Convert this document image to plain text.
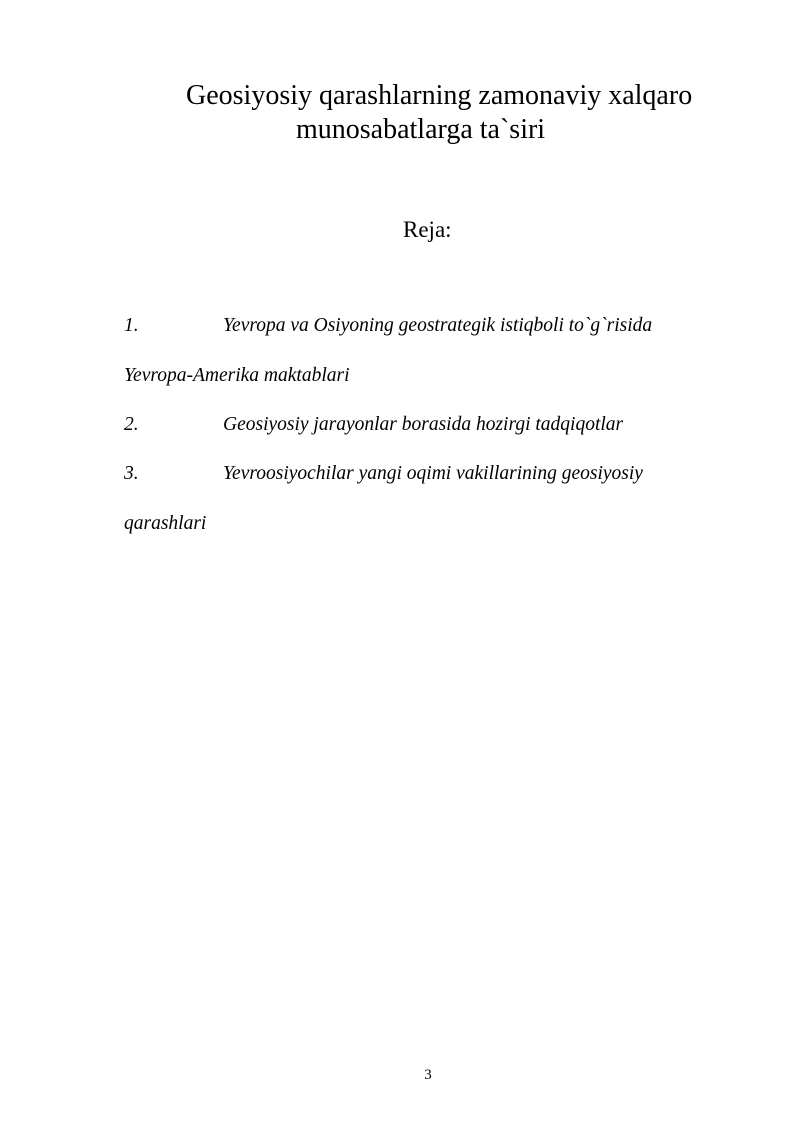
Geosiyosiy qarashlarning zamonaviy xalqaro
munosabatlarga ta`siri
Reja:
1.	Yevropa va Osiyoning geostrategik istiqboli to`g`risida
Yevropa-Amerika maktablari
2.	Geosiyosiy jarayonlar borasida hozirgi tadqiqotlar
3.	Yevroosiyochilar yangi oqimi vakillarining geosiyosiy
qarashlari
3
